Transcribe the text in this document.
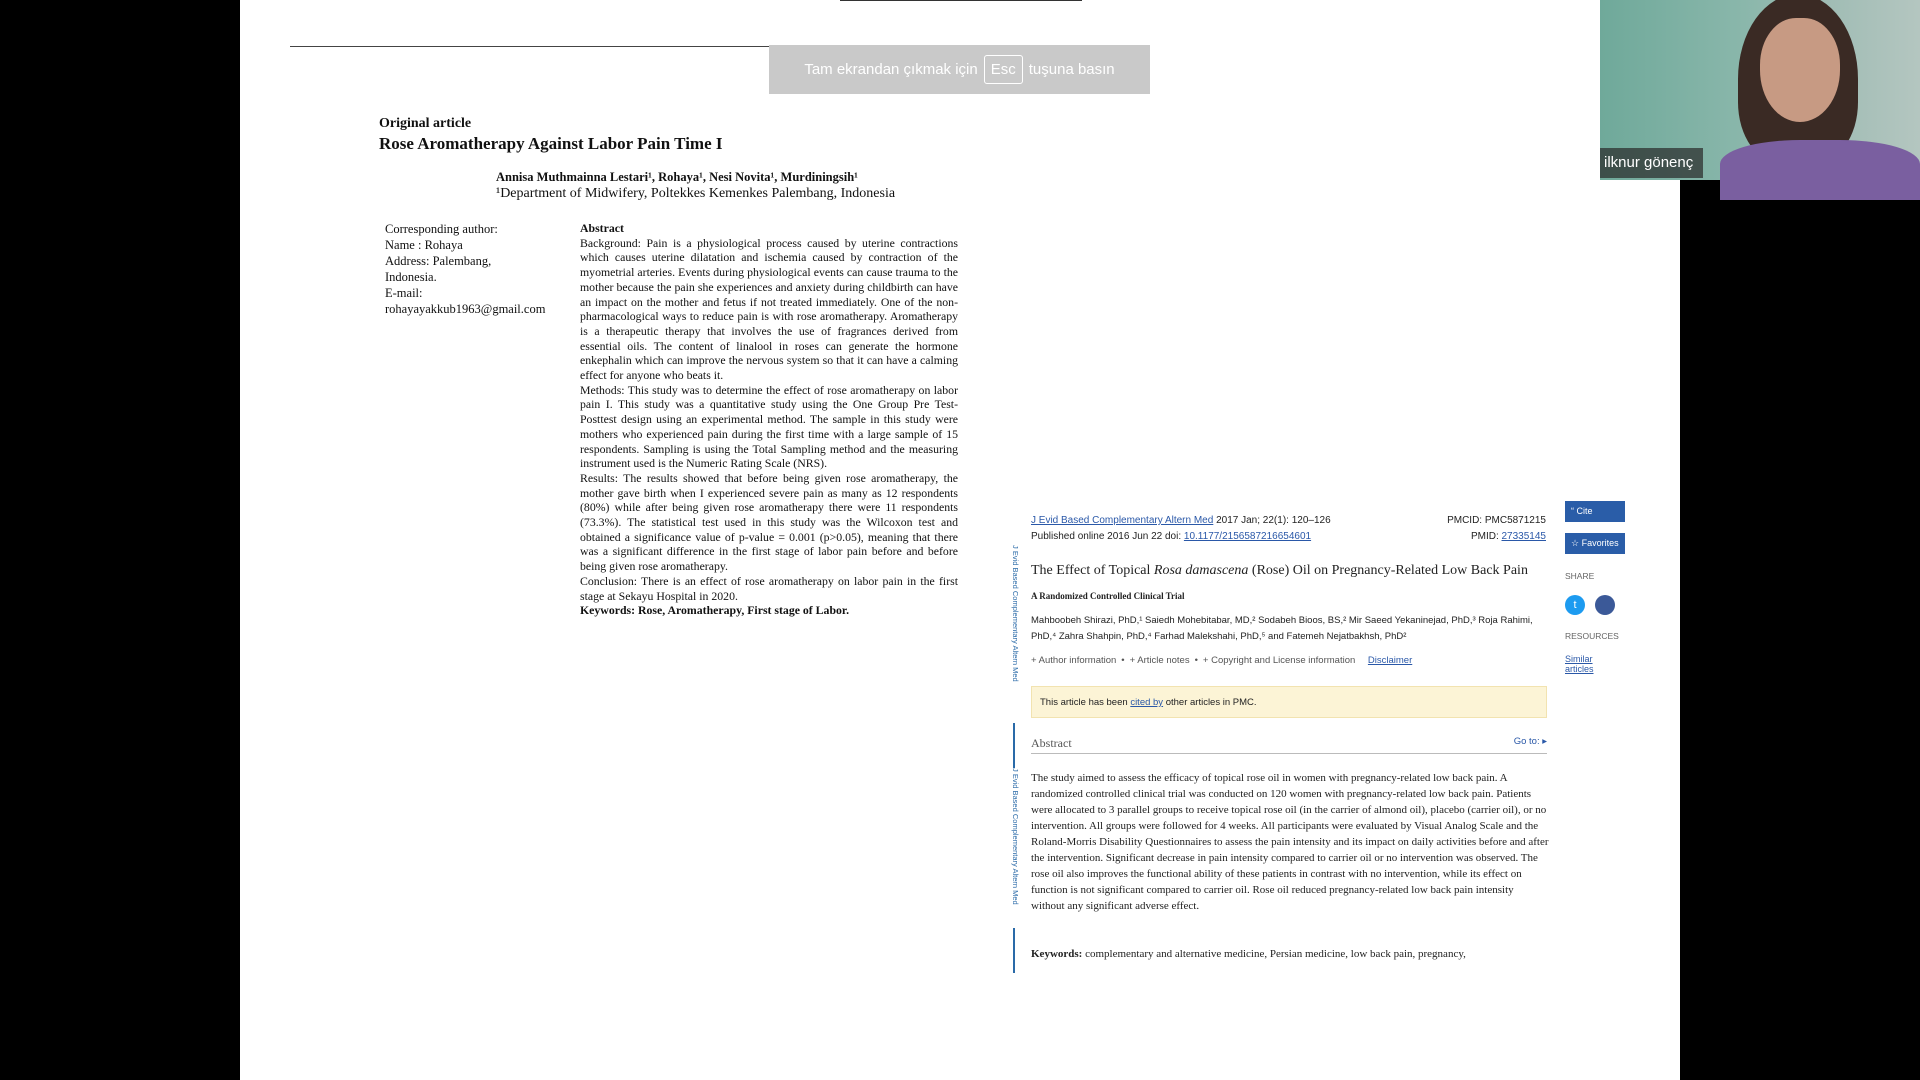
Tam ekrandan çıkmak için Esc tuşuna basın
Original article
Rose Aromatherapy Against Labor Pain Time I
Annisa Muthmainna Lestari¹, Rohaya¹, Nesi Novita¹, Murdiningsih¹
¹Department of Midwifery, Poltekkes Kemenkes Palembang, Indonesia
Corresponding author:
Name : Rohaya
Address: Palembang,
Indonesia.
E-mail:
rohayayakkub1963@gmail.com

Abstract

Background: Pain is a physiological process caused by uterine contractions which causes uterine dilatation and ischemia caused by contraction of the myometrial arteries. Events during physiological events can cause trauma to the mother because the pain she experiences and anxiety during childbirth can have an impact on the mother and fetus if not treated immediately. One of the non-pharmacological ways to reduce pain is with rose aromatherapy. Aromatherapy is a therapeutic therapy that involves the use of fragrances derived from essential oils. The content of linalool in roses can generate the hormone enkephalin which can improve the nervous system so that it can have a calming effect for anyone who beats it.

Methods: This study was to determine the effect of rose aromatherapy on labor pain I. This study was a quantitative study using the One Group Pre Test-Posttest design using an experimental method. The sample in this study were mothers who experienced pain during the first time with a large sample of 15 respondents. Sampling is using the Total Sampling method and the measuring instrument used is the Numeric Rating Scale (NRS).

Results: The results showed that before being given rose aromatherapy, the mother gave birth when I experienced severe pain as many as 12 respondents (80%) while after being given rose aromatherapy there were 11 respondents (73.3%). The statistical test used in this study was the Wilcoxon test and obtained a significance value of p-value = 0.001 (p>0.05), meaning that there was a significant difference in the first stage of labor pain before and before being given rose aromatherapy.

Conclusion: There is an effect of rose aromatherapy on labor pain in the first stage at Sekayu Hospital in 2020.

Keywords: Rose, Aromatherapy, First stage of Labor.	J Evid Based Complementary Altern Med
J Evid Based Complementary Altern Med
J Evid Based Complementary Altern Med 2017 Jan; 22(1): 120–126
Published online 2016 Jun 22 doi: 10.1177/2156587216654601
PMCID: PMC5871215
PMID: 27335145
The Effect of Topical Rosa damascena (Rose) Oil on Pregnancy-Related Low Back Pain
A Randomized Controlled Clinical Trial
Mahboobeh Shirazi, PhD,¹ Saiedh Mohebitabar, MD,² Sodabeh Bioos, BS,² Mir Saeed Yekaninejad, PhD,³ Roja Rahimi, PhD,⁴ Zahra Shahpin, PhD,⁴ Farhad Malekshahi, PhD,⁵ and Fatemeh Nejatbakhsh, PhD²
+ Author information • + Article notes • + Copyright and License information Disclaimer
This article has been cited by other articles in PMC.
Abstract	Go to: ▸
The study aimed to assess the efficacy of topical rose oil in women with pregnancy-related low back pain. A randomized controlled clinical trial was conducted on 120 women with pregnancy-related low back pain. Patients were allocated to 3 parallel groups to receive topical rose oil (in the carrier of almond oil), placebo (carrier oil), or no intervention. All groups were followed for 4 weeks. All participants were evaluated by Visual Analog Scale and the Roland-Morris Disability Questionnaires to assess the pain intensity and its impact on daily activities before and after the intervention. Significant decrease in pain intensity compared to carrier oil or no intervention was observed. The rose oil also improves the functional ability of these patients in contrast with no intervention, while its effect on function is not significant compared to carrier oil. Rose oil reduced pregnancy-related low back pain intensity without any significant adverse effect.
Keywords: complementary and alternative medicine, Persian medicine, low back pain, pregnancy,
“ Cite
☆ Favorites
SHARE
t
RESOURCES
Similar articles
ilknur gönenç
